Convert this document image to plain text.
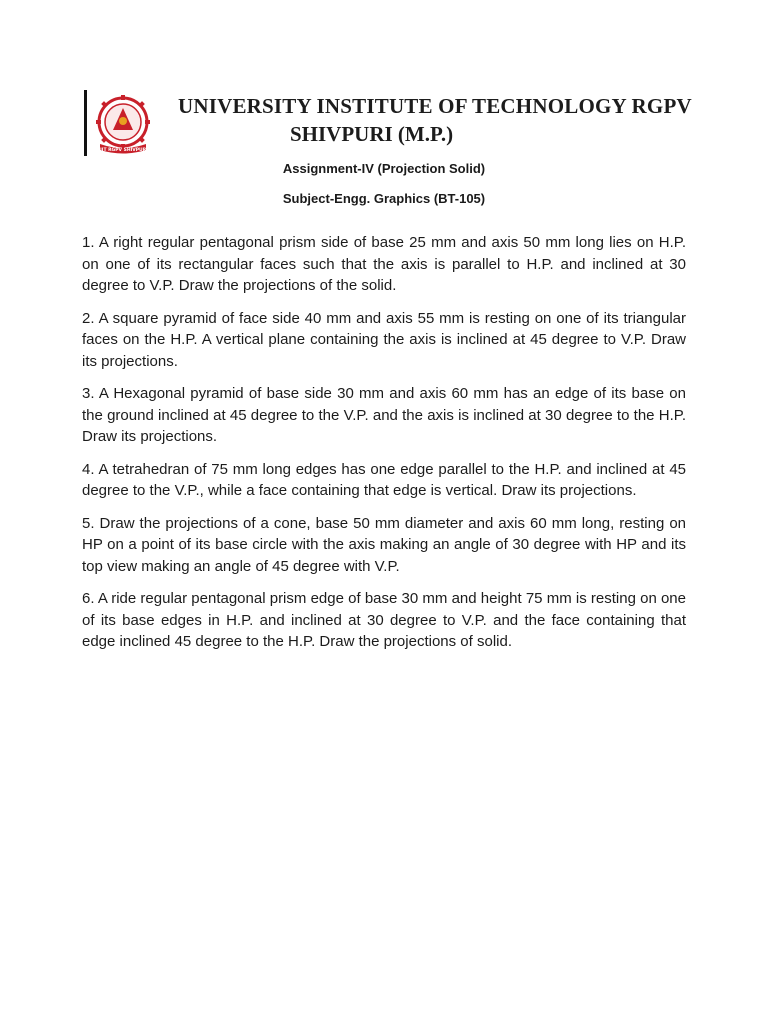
UIT RGPV SHIVPURI
UNIVERSITY INSTITUTE OF TECHNOLOGY RGPV
SHIVPURI (M.P.)
Assignment-IV (Projection Solid)
Subject-Engg. Graphics (BT-105)

1. A right regular pentagonal prism side of base 25 mm and axis 50 mm long lies on H.P. on one of its rectangular faces such that the axis is parallel to H.P. and inclined at 30 degree to V.P. Draw the projections of the solid.

2. A square pyramid of face side 40 mm and axis 55 mm is resting on one of its triangular faces on the H.P. A vertical plane containing the axis is inclined at 45 degree to V.P. Draw its projections.

3. A Hexagonal pyramid of base side 30 mm and axis 60 mm has an edge of its base on the ground inclined at 45 degree to the V.P. and the axis is inclined at 30 degree to the H.P. Draw its projections.

4. A tetrahedran of 75 mm long edges has one edge parallel to the H.P. and inclined at 45 degree to the V.P., while a face containing that edge is vertical. Draw its projections.

5. Draw the projections of a cone, base 50 mm diameter and axis 60 mm long, resting on HP on a point of its base circle with the axis making an angle of 30 degree with HP and its top view making an angle of 45 degree with V.P.

6. A ride regular pentagonal prism edge of base 30 mm and height 75 mm is resting on one of its base edges in H.P. and inclined at 30 degree to V.P. and the face containing that edge inclined 45 degree to the H.P. Draw the projections of solid.
